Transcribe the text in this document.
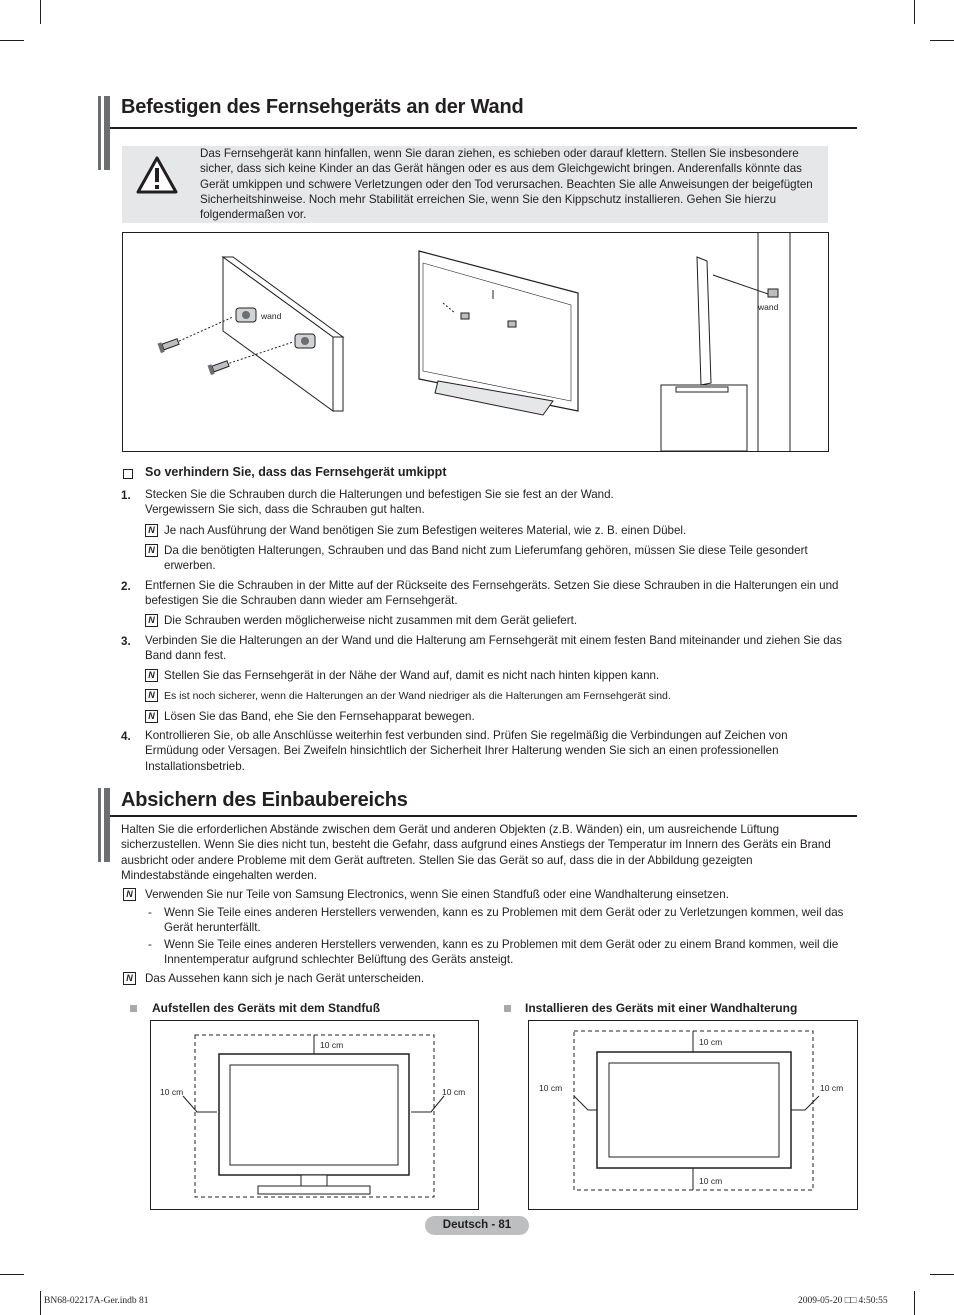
Befestigen des Fernsehgeräts an der Wand
Das Fernsehgerät kann hinfallen, wenn Sie daran ziehen, es schieben oder darauf klettern. Stellen Sie insbesondere sicher, dass sich keine Kinder an das Gerät hängen oder es aus dem Gleichgewicht bringen. Anderenfalls könnte das Gerät umkippen und schwere Verletzungen oder den Tod verursachen. Beachten Sie alle Anweisungen der beigefügten Sicherheitshinweise. Noch mehr Stabilität erreichen Sie, wenn Sie den Kippschutz installieren. Gehen Sie hierzu folgendermaßen vor.
wand
wand
So verhindern Sie, dass das Fernsehgerät umkippt
1. Stecken Sie die Schrauben durch die Halterungen und befestigen Sie sie fest an der Wand.
Vergewissern Sie sich, dass die Schrauben gut halten.
N Je nach Ausführung der Wand benötigen Sie zum Befestigen weiteres Material, wie z. B. einen Dübel.
N Da die benötigten Halterungen, Schrauben und das Band nicht zum Lieferumfang gehören, müssen Sie diese Teile gesondert erwerben.
2. Entfernen Sie die Schrauben in der Mitte auf der Rückseite des Fernsehgeräts. Setzen Sie diese Schrauben in die Halterungen ein und befestigen Sie die Schrauben dann wieder am Fernsehgerät.
N Die Schrauben werden möglicherweise nicht zusammen mit dem Gerät geliefert.
3. Verbinden Sie die Halterungen an der Wand und die Halterung am Fernsehgerät mit einem festen Band miteinander und ziehen Sie das Band dann fest.
N Stellen Sie das Fernsehgerät in der Nähe der Wand auf, damit es nicht nach hinten kippen kann.
N Es ist noch sicherer, wenn die Halterungen an der Wand niedriger als die Halterungen am Fernsehgerät sind.
N Lösen Sie das Band, ehe Sie den Fernsehapparat bewegen.
4. Kontrollieren Sie, ob alle Anschlüsse weiterhin fest verbunden sind. Prüfen Sie regelmäßig die Verbindungen auf Zeichen von Ermüdung oder Versagen. Bei Zweifeln hinsichtlich der Sicherheit Ihrer Halterung wenden Sie sich an einen professionellen Installationsbetrieb.
Absichern des Einbaubereichs
Halten Sie die erforderlichen Abstände zwischen dem Gerät und anderen Objekten (z.B. Wänden) ein, um ausreichende Lüftung sicherzustellen. Wenn Sie dies nicht tun, besteht die Gefahr, dass aufgrund eines Anstiegs der Temperatur im Innern des Geräts ein Brand ausbricht oder andere Probleme mit dem Gerät auftreten. Stellen Sie das Gerät so auf, dass die in der Abbildung gezeigten Mindestabstände eingehalten werden.
N Verwenden Sie nur Teile von Samsung Electronics, wenn Sie einen Standfuß oder eine Wandhalterung einsetzen.
- Wenn Sie Teile eines anderen Herstellers verwenden, kann es zu Problemen mit dem Gerät oder zu Verletzungen kommen, weil das Gerät herunterfällt.
- Wenn Sie Teile eines anderen Herstellers verwenden, kann es zu Problemen mit dem Gerät oder zu einem Brand kommen, weil die Innentemperatur aufgrund schlechter Belüftung des Geräts ansteigt.
N Das Aussehen kann sich je nach Gerät unterscheiden.
Aufstellen des Geräts mit dem Standfuß	Installieren des Geräts mit einer Wandhalterung
10 cm
10 cm	10 cm
10 cm
10 cm	10 cm
10 cm
Deutsch - 81
BN68-02217A-Ger.indb 81	2009-05-20 □□ 4:50:55
